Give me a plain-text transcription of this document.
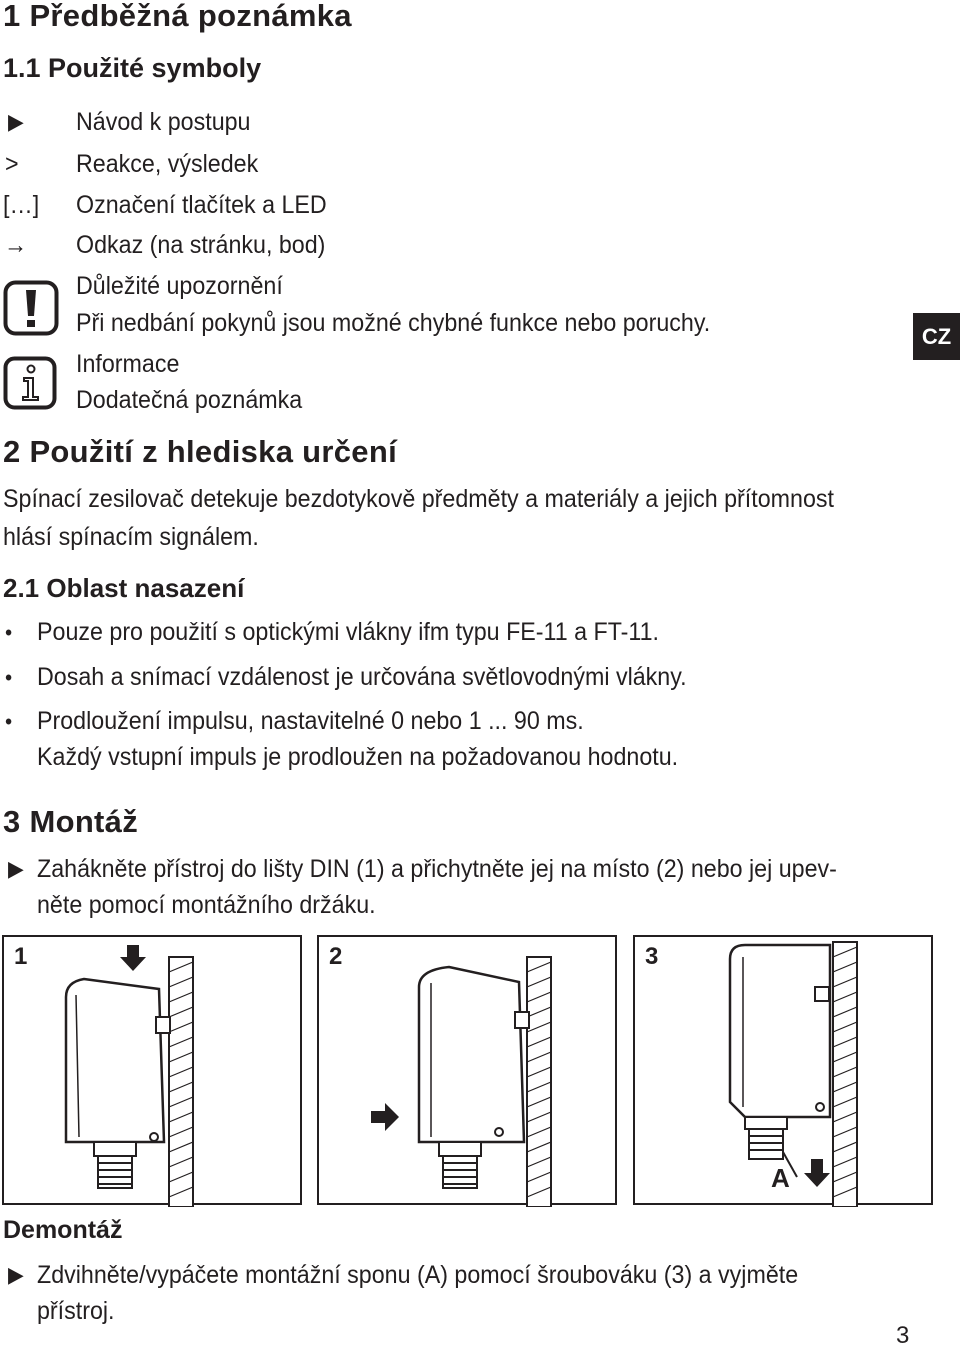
1 Předběžná poznámka
1.1 Použité symboly
▶ Návod k postupu
> Reakce, výsledek
[…] Označení tlačítek a LED
→ Odkaz (na stránku, bod)
Důležité upozornění
Při nedbání pokynů jsou možné chybné funkce nebo poruchy.
Informace
Dodatečná poznámka
CZ
2 Použití z hlediska určení
Spínací zesilovač detekuje bezdotykově předměty a materiály a jejich přítomnost
hlásí spínacím signálem.
2.1 Oblast nasazení
• Pouze pro použití s optickými vlákny ifm typu FE-11 a FT-11.
• Dosah a snímací vzdálenost je určována světlovodnými vlákny.
• Prodloužení impulsu, nastavitelné 0 nebo 1 ... 90 ms.
Každý vstupní impuls je prodloužen na požadovanou hodnotu.
3 Montáž
▶ Zahákněte přístroj do lišty DIN (1) a přichytněte jej na místo (2) nebo jej upev-
něte pomocí montážního držáku.
1	2	3
A
Demontáž
▶ Zdvihněte/vypáčete montážní sponu (A) pomocí šroubováku (3) a vyjměte
přístroj.
3
